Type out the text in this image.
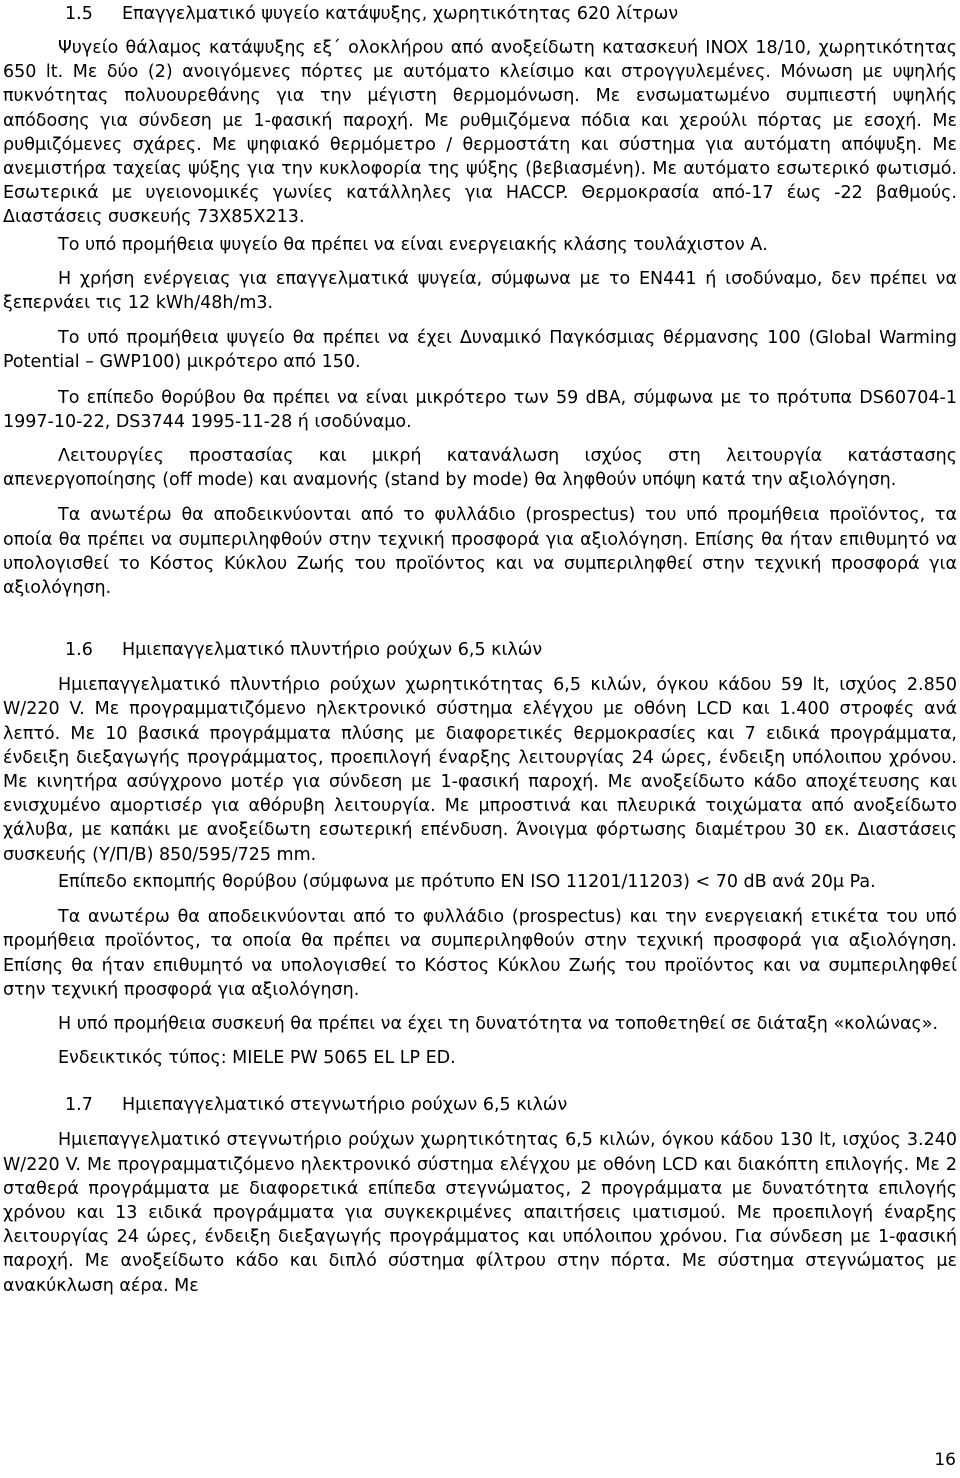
1.5 Επαγγελματικό ψυγείο κατάψυξης, χωρητικότητας 620 λίτρων

Ψυγείο θάλαμος κατάψυξης εξ΄ ολοκλήρου από ανοξείδωτη κατασκευή INOX 18/10, χωρητικότητας 650 lt. Με δύο (2) ανοιγόμενες πόρτες με αυτόματο κλείσιμο και στρογγυλεμένες. Μόνωση με υψηλής πυκνότητας πολυουρεθάνης για την μέγιστη θερμομόνωση. Με ενσωματωμένο συμπιεστή υψηλής απόδοσης για σύνδεση με 1-φασική παροχή. Με ρυθμιζόμενα πόδια και χερούλι πόρτας με εσοχή. Με ρυθμιζόμενες σχάρες. Με ψηφιακό θερμόμετρο / θερμοστάτη και σύστημα για αυτόματη απόψυξη. Με ανεμιστήρα ταχείας ψύξης για την κυκλοφορία της ψύξης (βεβιασμένη). Με αυτόματο εσωτερικό φωτισμό. Εσωτερικά με υγειονομικές γωνίες κατάλληλες για HACCP. Θερμοκρασία από-17 έως -22 βαθμούς. Διαστάσεις συσκευής 73Χ85Χ213.

Το υπό προμήθεια ψυγείο θα πρέπει να είναι ενεργειακής κλάσης τουλάχιστον Α.

Η χρήση ενέργειας για επαγγελματικά ψυγεία, σύμφωνα με το EN441 ή ισοδύναμο, δεν πρέπει να ξεπερνάει τις 12 kWh/48h/m3.

Το υπό προμήθεια ψυγείο θα πρέπει να έχει Δυναμικό Παγκόσμιας θέρμανσης 100 (Global Warming Potential – GWP100) μικρότερο από 150.

Το επίπεδο θορύβου θα πρέπει να είναι μικρότερο των 59 dBA, σύμφωνα με το πρότυπα DS60704-1 1997-10-22, DS3744 1995-11-28 ή ισοδύναμο.

Λειτουργίες προστασίας και μικρή κατανάλωση ισχύος στη λειτουργία κατάστασης απενεργοποίησης (off mode) και αναμονής (stand by mode) θα ληφθούν υπόψη κατά την αξιολόγηση.

Τα ανωτέρω θα αποδεικνύονται από το φυλλάδιο (prospectus) του υπό προμήθεια προϊόντος, τα οποία θα πρέπει να συμπεριληφθούν στην τεχνική προσφορά για αξιολόγηση. Επίσης θα ήταν επιθυμητό να υπολογισθεί το Κόστος Κύκλου Ζωής του προϊόντος και να συμπεριληφθεί στην τεχνική προσφορά για αξιολόγηση.

1.6 Ημιεπαγγελματικό πλυντήριο ρούχων 6,5 κιλών

Ημιεπαγγελματικό πλυντήριο ρούχων χωρητικότητας 6,5 κιλών, όγκου κάδου 59 lt, ισχύος 2.850 W/220 V. Με προγραμματιζόμενο ηλεκτρονικό σύστημα ελέγχου με οθόνη LCD και 1.400 στροφές ανά λεπτό. Με 10 βασικά προγράμματα πλύσης με διαφορετικές θερμοκρασίες και 7 ειδικά προγράμματα, ένδειξη διεξαγωγής προγράμματος, προεπιλογή έναρξης λειτουργίας 24 ώρες, ένδειξη υπόλοιπου χρόνου. Με κινητήρα ασύγχρονο μοτέρ για σύνδεση με 1-φασική παροχή. Με ανοξείδωτο κάδο αποχέτευσης και ενισχυμένο αμορτισέρ για αθόρυβη λειτουργία. Με μπροστινά και πλευρικά τοιχώματα από ανοξείδωτο χάλυβα, με καπάκι με ανοξείδωτη εσωτερική επένδυση. Άνοιγμα φόρτωσης διαμέτρου 30 εκ. Διαστάσεις συσκευής (Υ/Π/Β) 850/595/725 mm.

Επίπεδο εκπομπής θορύβου (σύμφωνα με πρότυπο EN ISO 11201/11203) < 70 dB ανά 20μ Pa.

Τα ανωτέρω θα αποδεικνύονται από το φυλλάδιο (prospectus) και την ενεργειακή ετικέτα του υπό προμήθεια προϊόντος, τα οποία θα πρέπει να συμπεριληφθούν στην τεχνική προσφορά για αξιολόγηση. Επίσης θα ήταν επιθυμητό να υπολογισθεί το Κόστος Κύκλου Ζωής του προϊόντος και να συμπεριληφθεί στην τεχνική προσφορά για αξιολόγηση.

Η υπό προμήθεια συσκευή θα πρέπει να έχει τη δυνατότητα να τοποθετηθεί σε διάταξη «κολώνας».

Ενδεικτικός τύπος: MIELE PW 5065 EL LP ED.

1.7 Ημιεπαγγελματικό στεγνωτήριο ρούχων 6,5 κιλών

Ημιεπαγγελματικό στεγνωτήριο ρούχων χωρητικότητας 6,5 κιλών, όγκου κάδου 130 lt, ισχύος 3.240 W/220 V. Με προγραμματιζόμενο ηλεκτρονικό σύστημα ελέγχου με οθόνη LCD και διακόπτη επιλογής. Με 2 σταθερά προγράμματα με διαφορετικά επίπεδα στεγνώματος, 2 προγράμματα με δυνατότητα επιλογής χρόνου και 13 ειδικά προγράμματα για συγκεκριμένες απαιτήσεις ιματισμού. Με προεπιλογή έναρξης λειτουργίας 24 ώρες, ένδειξη διεξαγωγής προγράμματος και υπόλοιπου χρόνου. Για σύνδεση με 1-φασική παροχή. Με ανοξείδωτο κάδο και διπλό σύστημα φίλτρου στην πόρτα. Με σύστημα στεγνώματος με ανακύκλωση αέρα. Με

16
